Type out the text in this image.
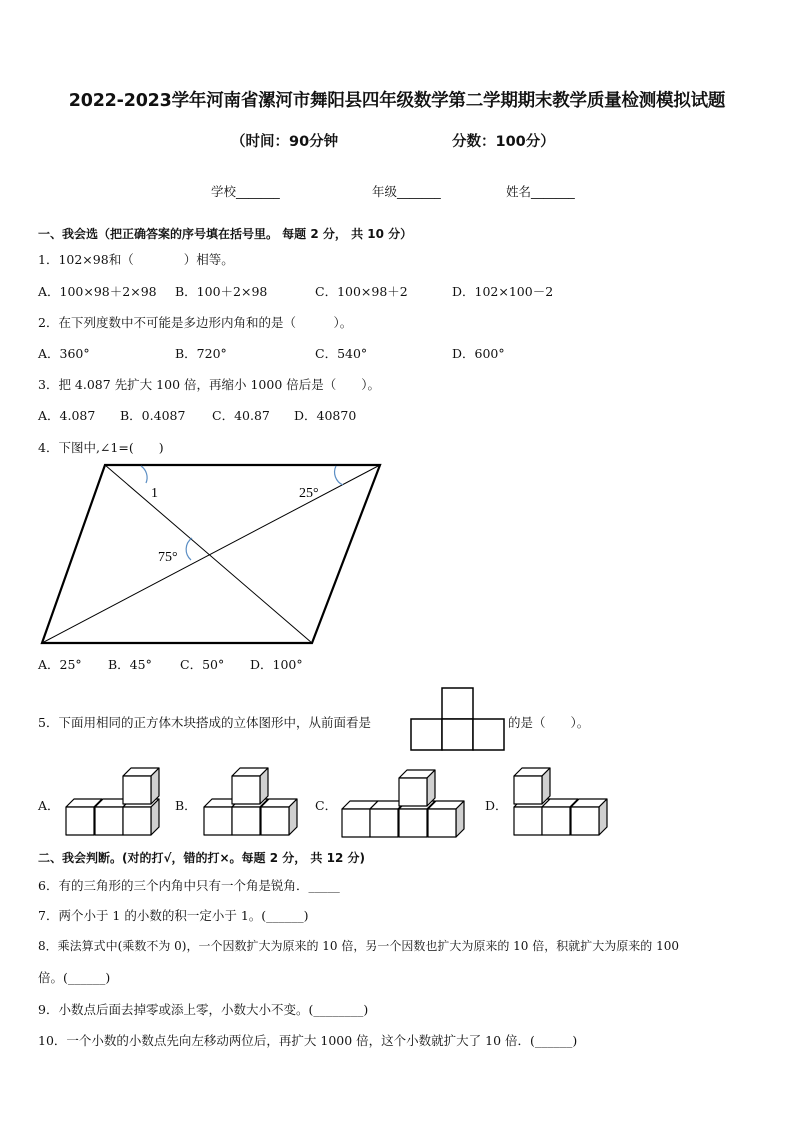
2022-2023学年河南省漯河市舞阳县四年级数学第二学期期末教学质量检测模拟试题
（时间：90分钟	分数：100分）
学校_______	年级_______	姓名_______
一、我会选（把正确答案的序号填在括号里。 每题 2 分， 共 10 分）
1．102×98和（　　　　）相等。
A．100×98＋2×98 B．100＋2×98	C．100×98＋2	D．102×100－2
2．在下列度数中不可能是多边形内角和的是（　　　）。
A．360°	B．720°	C．540°	D．600°
3．把 4.087 先扩大 100 倍，再缩小 1000 倍后是（　　）。
A．4.087 B．0.4087 C．40.87 D．40870
4．下图中,∠1=(　　)
1	25°
75°
A．25° B．45° C．50° D．100°
5．下面用相同的正方体木块搭成的立体图形中，从前面看是	的是（　　）。
A．	B．	C．	D．
二、我会判断。(对的打√，错的打×。每题 2 分， 共 12 分)
6．有的三角形的三个内角中只有一个角是锐角．_____
7．两个小于 1 的小数的积一定小于 1。(______)
8．乘法算式中(乘数不为 0)，一个因数扩大为原来的 10 倍，另一个因数也扩大为原来的 10 倍，积就扩大为原来的 100
倍。(______)
9．小数点后面去掉零或添上零，小数大小不变。(________)
10．一个小数的小数点先向左移动两位后，再扩大 1000 倍，这个小数就扩大了 10 倍．(______)
